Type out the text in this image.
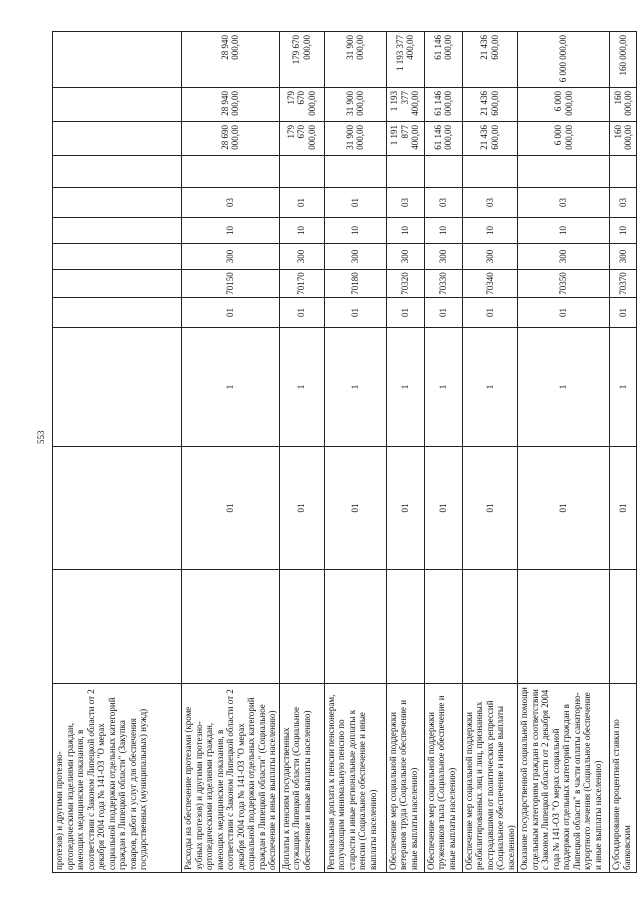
553
протезов) и другими протезно-ортопедическими изделиями граждан, имеющих медицинские показания, в соответствии с Законом Липецкой области от 2 декабря 2004 года № 141-ОЗ "О мерах социальной поддержки отдельных категорий граждан в Липецкой области" (Закупка товаров, работ и услуг для обеспечения государственных (муниципальных) нужд)												
Расходы на обеспечение протезами (кроме зубных протезов) и другими протезно-ортопедическими изделиями граждан, имеющих медицинские показания, в соответствии с Законом Липецкой области от 2 декабря 2004 года № 141-ОЗ "О мерах социальной поддержки отдельных категорий граждан в Липецкой области" (Социальное обеспечение и иные выплаты населению)		01	1	01	70150	300	10	03		28 690 000,00	28 940 000,00	28 940 000,00
Доплаты к пенсиям государственных служащих Липецкой области (Социальное обеспечение и иные выплаты населению)		01	1	01	70170	300	10	01		179 670 000,00	179 670 000,00	179 670 000,00
Региональная доплата к пенсии пенсионерам, получающим минимальную пенсию по старости и иные региональные доплаты к пенсии (Социальное обеспечение и иные выплаты населению)		01	1	01	70180	300	10	01		31 900 000,00	31 900 000,00	31 900 000,00
Обеспечение мер социальной поддержки ветеранов труда (Социальное обеспечение и иные выплаты населению)		01	1	01	70320	300	10	03		1 191 877 400,00	1 193 377 400,00	1 193 377 400,00
Обеспечение мер социальной поддержки тружеников тыла (Социальное обеспечение и иные выплаты населению)		01	1	01	70330	300	10	03		61 146 000,00	61 146 000,00	61 146 000,00
Обеспечение мер социальной поддержки реабилитированных лиц и лиц, признанных пострадавшими от политических репрессий (Социальное обеспечение и иные выплаты населению)		01	1	01	70340	300	10	03		21 436 600,00	21 436 600,00	21 436 600,00
Оказание государственной социальной помощи отдельным категориям граждан в соответствии с Законом Липецкой области от 2 декабря 2004 года № 141-ОЗ "О мерах социальной поддержки отдельных категорий граждан в Липецкой области" в части оплаты санаторно-курортного лечения (Социальное обеспечение и иные выплаты населению)		01	1	01	70350	300	10	03		6 000 000,00	6 000 000,00	6 000 000,00
Субсидирование процентной ставки по банковским		01	1	01	70370	300	10	03		160 000,00	160 000,00	160 000,00
